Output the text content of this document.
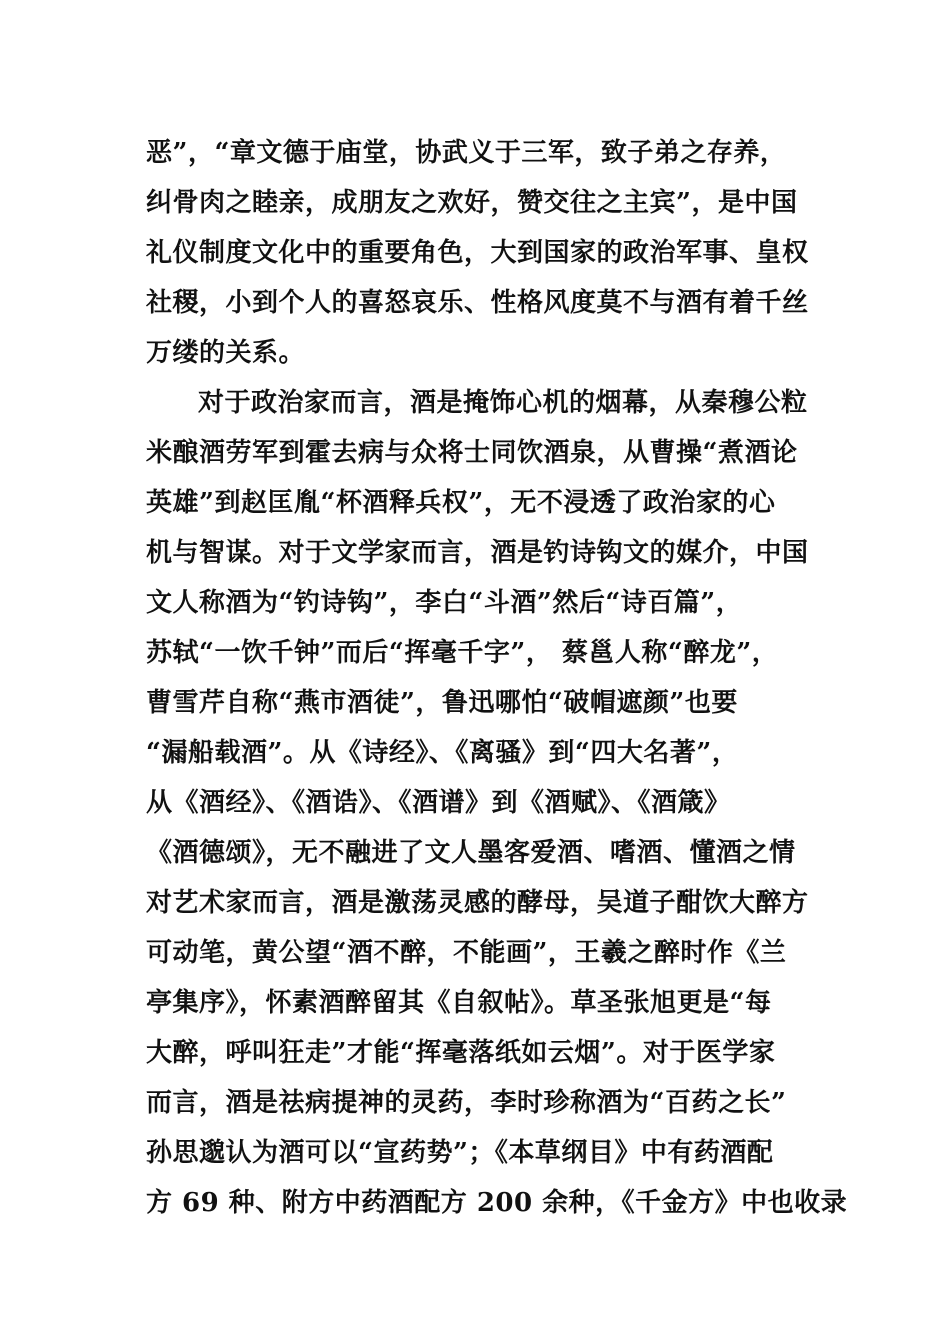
恶”，“章文德于庙堂，协武义于三军，致子弟之存养，
纠骨肉之睦亲，成朋友之欢好，赞交往之主宾”，是中国
礼仪制度文化中的重要角色，大到国家的政治军事、皇权
社稷，小到个人的喜怒哀乐、性格风度莫不与酒有着千丝
万缕的关系。
对于政治家而言，酒是掩饰心机的烟幕，从秦穆公粒
米酿酒劳军到霍去病与众将士同饮酒泉，从曹操“煮酒论
英雄”到赵匡胤“杯酒释兵权”，无不浸透了政治家的心
机与智谋。对于文学家而言，酒是钓诗钩文的媒介，中国
文人称酒为“钓诗钩”，李白“斗酒”然后“诗百篇”，
苏轼“一饮千钟”而后“挥毫千字”， 蔡邕人称“醉龙”，
曹雪芹自称“燕市酒徒”，鲁迅哪怕“破帽遮颜”也要
“漏船载酒”。从《诗经》、《离骚》到“四大名著”，
从《酒经》、《酒诰》、《酒谱》到《酒赋》、《酒箴》
《酒德颂》，无不融进了文人墨客爱酒、嗜酒、懂酒之情
对艺术家而言，酒是激荡灵感的酵母，吴道子酣饮大醉方
可动笔，黄公望“酒不醉，不能画”，王羲之醉时作《兰
亭集序》，怀素酒醉留其《自叙帖》。草圣张旭更是“每
大醉，呼叫狂走”才能“挥毫落纸如云烟”。对于医学家
而言，酒是祛病提神的灵药，李时珍称酒为“百药之长”
孙思邈认为酒可以“宣药势”；《本草纲目》中有药酒配
方 69 种、附方中药酒配方 200 余种，《千金方》中也收录
